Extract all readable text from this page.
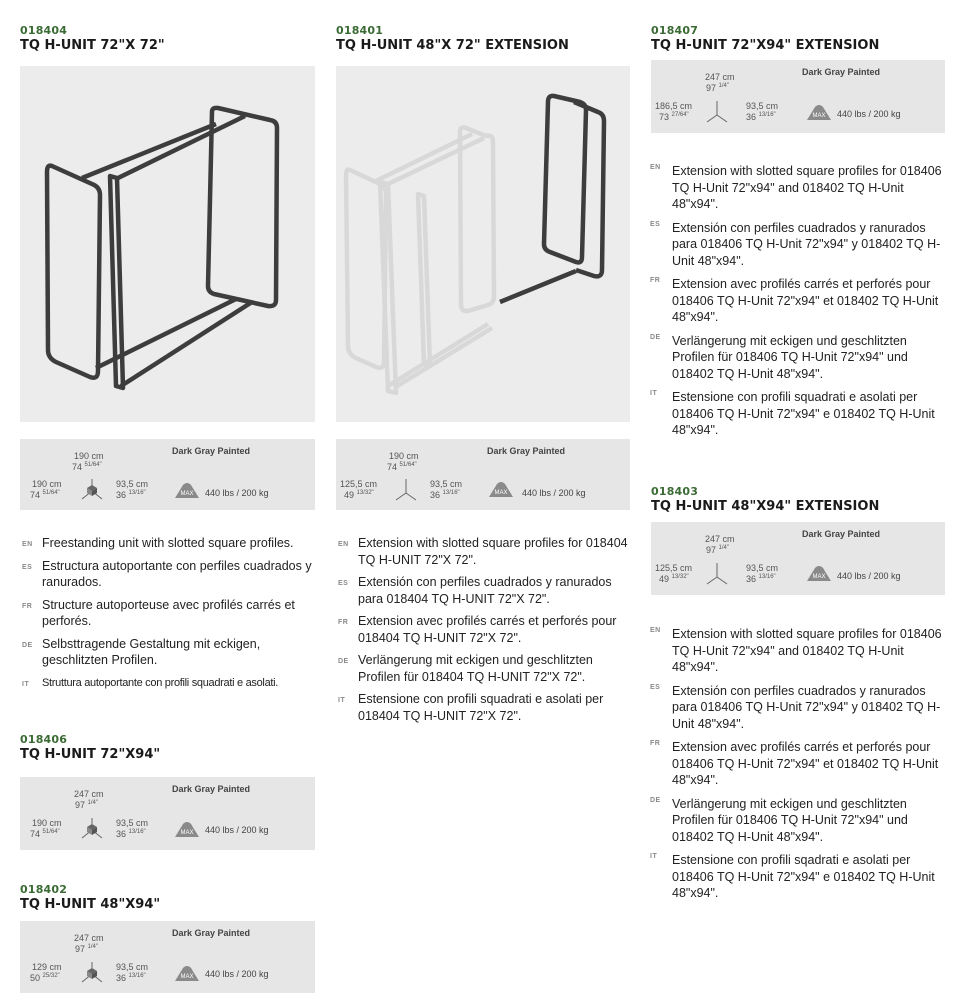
018404
TQ H-UNIT 72"X 72"
190 cm
74 $^{51/64"}$
190 cm
74 $^{51/64"}$
93,5 cm
36 $^{13/16"}$
Dark Gray Painted
MAX 440 lbs / 200 kg
EN Freestanding unit with slotted square profiles.
ES Estructura autoportante con perfiles cuadrados y ranurados.
FR Structure autoporteuse avec profilés carrés et perforés.
DE Selbsttragende Gestaltung mit eckigen, geschlitzten Profilen.
IT Struttura autoportante con profili squadrati e asolati.
018406
TQ H-UNIT 72"X94"
247 cm
97 $^{1/4"}$
190 cm
74 $^{51/64"}$
93,5 cm
36 $^{13/16"}$
Dark Gray Painted
MAX 440 lbs / 200 kg
018402
TQ H-UNIT 48"X94"
247 cm
97 $^{1/4"}$
129 cm
50 $^{25/32"}$
93,5 cm
36 $^{13/16"}$
Dark Gray Painted
MAX 440 lbs / 200 kg
018401
TQ H-UNIT 48"X 72" EXTENSION
190 cm
74 $^{51/64"}$
125,5 cm
49 $^{13/32"}$
93,5 cm
36 $^{13/16"}$
Dark Gray Painted
MAX 440 lbs / 200 kg
EN Extension with slotted square profiles for 018404 TQ H-UNIT 72"X 72".
ES Extensión con perfiles cuadrados y ranurados para 018404 TQ H-UNIT 72"X 72".
FR Extension avec profilés carrés et perforés pour 018404 TQ H-UNIT 72"X 72".
DE Verlängerung mit eckigen und geschlitzten Profilen für 018404 TQ H-UNIT 72"X 72".
IT Estensione con profili squadrati e asolati per 018404 TQ H-UNIT 72"X 72".
018407
TQ H-UNIT 72"X94" EXTENSION
247 cm
97 $^{1/4"}$
186,5 cm
73 $^{27/64"}$
93,5 cm
36 $^{13/16"}$
Dark Gray Painted
MAX 440 lbs / 200 kg
EN Extension with slotted square profiles for 018406 TQ H-Unit 72"x94" and 018402 TQ H-Unit 48"x94".
ES Extensión con perfiles cuadrados y ranurados para 018406 TQ H-Unit 72"x94" y 018402 TQ H-Unit 48"x94".
FR Extension avec profilés carrés et perforés pour 018406 TQ H-Unit 72"x94" et 018402 TQ H-Unit 48"x94".
DE Verlängerung mit eckigen und geschlitzten Profilen für 018406 TQ H-Unit 72"x94" und 018402 TQ H-Unit 48"x94".
IT Estensione con profili squadrati e asolati per 018406 TQ H-Unit 72"x94" e 018402 TQ H-Unit 48"x94".
018403
TQ H-UNIT 48"X94" EXTENSION
247 cm
97 $^{1/4"}$
125,5 cm
49 $^{13/32"}$
93,5 cm
36 $^{13/16"}$
Dark Gray Painted
MAX 440 lbs / 200 kg
EN Extension with slotted square profiles for 018406 TQ H-Unit 72"x94" and 018402 TQ H-Unit 48"x94".
ES Extensión con perfiles cuadrados y ranurados para 018406 TQ H-Unit 72"x94" y 018402 TQ H-Unit 48"x94".
FR Extension avec profilés carrés et perforés pour 018406 TQ H-Unit 72"x94" et 018402 TQ H-Unit 48"x94".
DE Verlängerung mit eckigen und geschlitzten Profilen für 018406 TQ H-Unit 72"x94" und 018402 TQ H-Unit 48"x94".
IT Estensione con profili sqadrati e asolati per 018406 TQ H-Unit 72"x94" e 018402 TQ H-Unit 48"x94".
